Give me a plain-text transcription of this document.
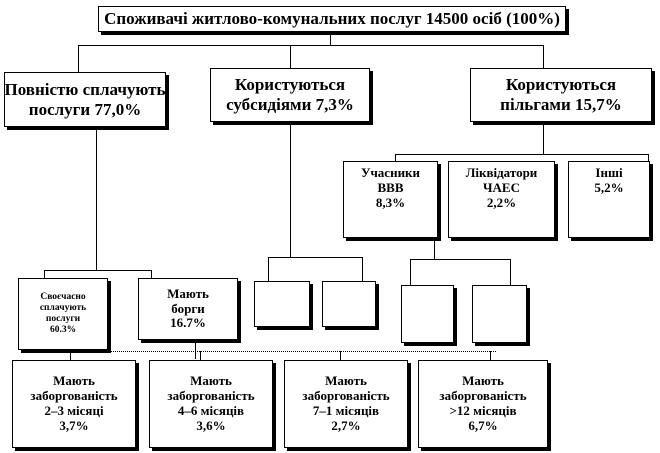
Споживачі житлово-комунальних послуг 14500 осіб (100%)
Повністю сплачують
послуги 77,0%
Користуються
субсидіями 7,3%
Користуються
пільгами 15,7%
Учасники
ВВВ
8,3%
Ліквідатори
ЧАЕС
2,2%
Інші
5,2%
Своєчасно
сплачують
послуги
60.3%
Мають
борги
16.7%
Мають
заборгованість
2–3 місяці
3,7%
Мають
заборгованість
4–6 місяців
3,6%
Мають
заборгованість
7–1 місяців
2,7%
Мають
заборгованість
>12 місяців
6,7%
